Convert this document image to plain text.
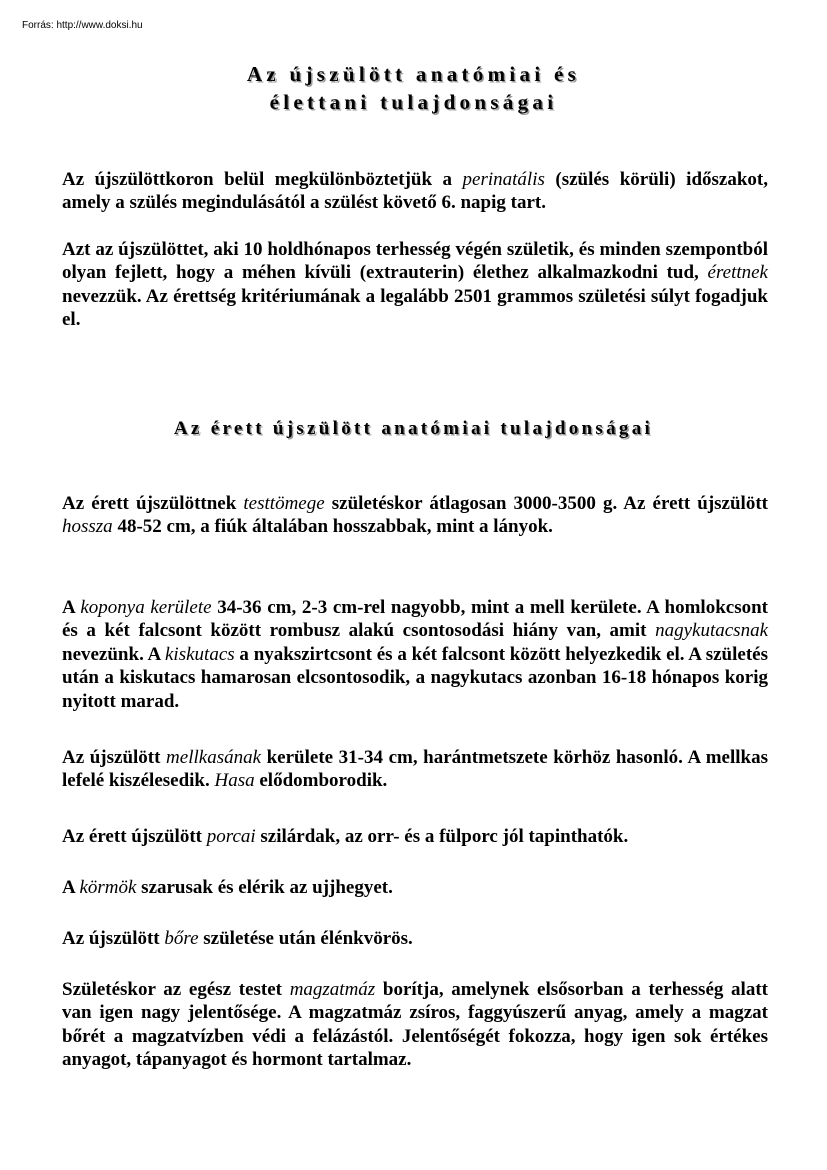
Forrás: http://www.doksi.hu
Az újszülött anatómiai és
élettani tulajdonságai
Az érett újszülött anatómiai tulajdonságai

Az újszülöttkoron belül megkülönböztetjük a perinatális (szülés körüli) időszakot, amely a szülés megindulásától a szülést követő 6. napig tart.

Azt az újszülöttet, aki 10 holdhónapos terhesség végén születik, és minden szempontból olyan fejlett, hogy a méhen kívüli (extrauterin) élethez alkalmazkodni tud, érettnek nevezzük. Az érettség kritériumának a legalább 2501 grammos születési súlyt fogadjuk el.

Az érett újszülöttnek testtömege születéskor átlagosan 3000-3500 g. Az érett újszülött hossza 48-52 cm, a fiúk általában hosszabbak, mint a lányok.

A koponya kerülete 34-36 cm, 2-3 cm-rel nagyobb, mint a mell kerülete. A homlokcsont és a két falcsont között rombusz alakú csontosodási hiány van, amit nagykutacsnak nevezünk. A kiskutacs a nyakszirtcsont és a két falcsont között helyezkedik el. A születés után a kiskutacs hamarosan elcsontosodik, a nagykutacs azonban 16-18 hónapos korig nyitott marad.

Az újszülött mellkasának kerülete 31-34 cm, harántmetszete körhöz hasonló. A mellkas lefelé kiszélesedik. Hasa elődomborodik.

Az érett újszülött porcai szilárdak, az orr- és a fülporc jól tapinthatók.

A körmök szarusak és elérik az ujjhegyet.

Az újszülött bőre születése után élénkvörös.

Születéskor az egész testet magzatmáz borítja, amelynek elsősorban a terhesség alatt van igen nagy jelentősége. A magzatmáz zsíros, faggyúszerű anyag, amely a magzat bőrét a magzatvízben védi a felázástól. Jelentőségét fokozza, hogy igen sok értékes anyagot, tápanyagot és hormont tartalmaz.
